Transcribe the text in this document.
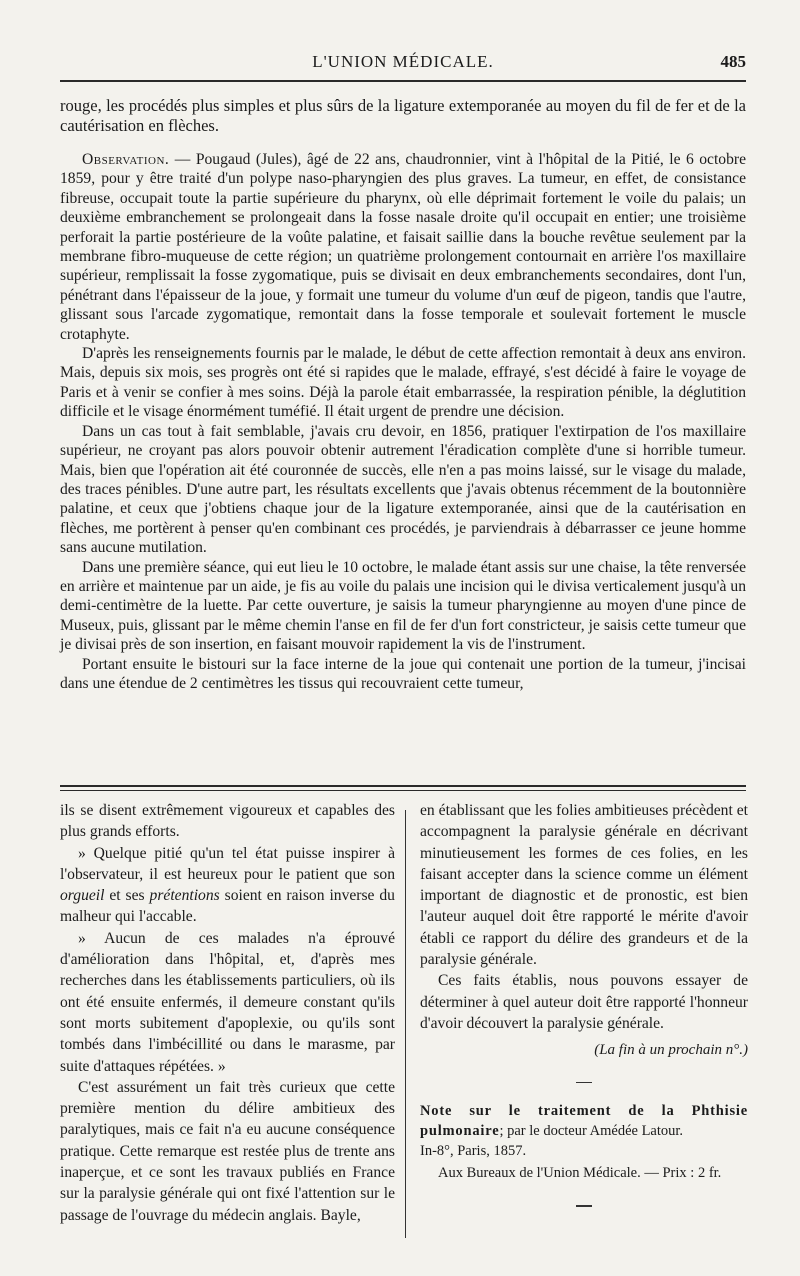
L'UNION MÉDICALE.	485

rouge, les procédés plus simples et plus sûrs de la ligature extemporanée au moyen du fil de fer et de la cautérisation en flèches.

Observation. — Pougaud (Jules), âgé de 22 ans, chaudronnier, vint à l'hôpital de la Pitié, le 6 octobre 1859, pour y être traité d'un polype naso-pharyngien des plus graves. La tumeur, en effet, de consistance fibreuse, occupait toute la partie supérieure du pharynx, où elle déprimait fortement le voile du palais; un deuxième embranchement se prolongeait dans la fosse nasale droite qu'il occupait en entier; une troisième perforait la partie postérieure de la voûte palatine, et faisait saillie dans la bouche revêtue seulement par la membrane fibro-muqueuse de cette région; un quatrième prolongement contournait en arrière l'os maxillaire supérieur, remplissait la fosse zygomatique, puis se divisait en deux embranchements secondaires, dont l'un, pénétrant dans l'épaisseur de la joue, y formait une tumeur du volume d'un œuf de pigeon, tandis que l'autre, glissant sous l'arcade zygomatique, remontait dans la fosse temporale et soulevait fortement le muscle crotaphyte.

D'après les renseignements fournis par le malade, le début de cette affection remontait à deux ans environ. Mais, depuis six mois, ses progrès ont été si rapides que le malade, effrayé, s'est décidé à faire le voyage de Paris et à venir se confier à mes soins. Déjà la parole était embarrassée, la respiration pénible, la déglutition difficile et le visage énormément tuméfié. Il était urgent de prendre une décision.

Dans un cas tout à fait semblable, j'avais cru devoir, en 1856, pratiquer l'extirpation de l'os maxillaire supérieur, ne croyant pas alors pouvoir obtenir autrement l'éradication complète d'une si horrible tumeur. Mais, bien que l'opération ait été couronnée de succès, elle n'en a pas moins laissé, sur le visage du malade, des traces pénibles. D'une autre part, les résultats excellents que j'avais obtenus récemment de la boutonnière palatine, et ceux que j'obtiens chaque jour de la ligature extemporanée, ainsi que de la cautérisation en flèches, me portèrent à penser qu'en combinant ces procédés, je parviendrais à débarrasser ce jeune homme sans aucune mutilation.

Dans une première séance, qui eut lieu le 10 octobre, le malade étant assis sur une chaise, la tête renversée en arrière et maintenue par un aide, je fis au voile du palais une incision qui le divisa verticalement jusqu'à un demi-centimètre de la luette. Par cette ouverture, je saisis la tumeur pharyngienne au moyen d'une pince de Museux, puis, glissant par le même chemin l'anse en fil de fer d'un fort constricteur, je saisis cette tumeur que je divisai près de son insertion, en faisant mouvoir rapidement la vis de l'instrument.

Portant ensuite le bistouri sur la face interne de la joue qui contenait une portion de la tumeur, j'incisai dans une étendue de 2 centimètres les tissus qui recouvraient cette tumeur,

ils se disent extrêmement vigoureux et capables des plus grands efforts.

» Quelque pitié qu'un tel état puisse inspirer à l'observateur, il est heureux pour le patient que son orgueil et ses prétentions soient en raison inverse du malheur qui l'accable.

» Aucun de ces malades n'a éprouvé d'amélioration dans l'hôpital, et, d'après mes recherches dans les établissements particuliers, où ils ont été ensuite enfermés, il demeure constant qu'ils sont morts subitement d'apoplexie, ou qu'ils sont tombés dans l'imbécillité ou dans le marasme, par suite d'attaques répétées. »

C'est assurément un fait très curieux que cette première mention du délire ambitieux des paralytiques, mais ce fait n'a eu aucune conséquence pratique. Cette remarque est restée plus de trente ans inaperçue, et ce sont les travaux publiés en France sur la paralysie générale qui ont fixé l'attention sur le passage de l'ouvrage du médecin anglais. Bayle,

en établissant que les folies ambitieuses précèdent et accompagnent la paralysie générale en décrivant minutieusement les formes de ces folies, en les faisant accepter dans la science comme un élément important de diagnostic et de pronostic, est bien l'auteur auquel doit être rapporté le mérite d'avoir établi ce rapport du délire des grandeurs et de la paralysie générale.

Ces faits établis, nous pouvons essayer de déterminer à quel auteur doit être rapporté l'honneur d'avoir découvert la paralysie générale.

(La fin à un prochain n°.)

Note sur le traitement de la Phthisie pulmonaire; par le docteur Amédée Latour.

In-8°, Paris, 1857.

Aux Bureaux de l'Union Médicale. — Prix : 2 fr.
